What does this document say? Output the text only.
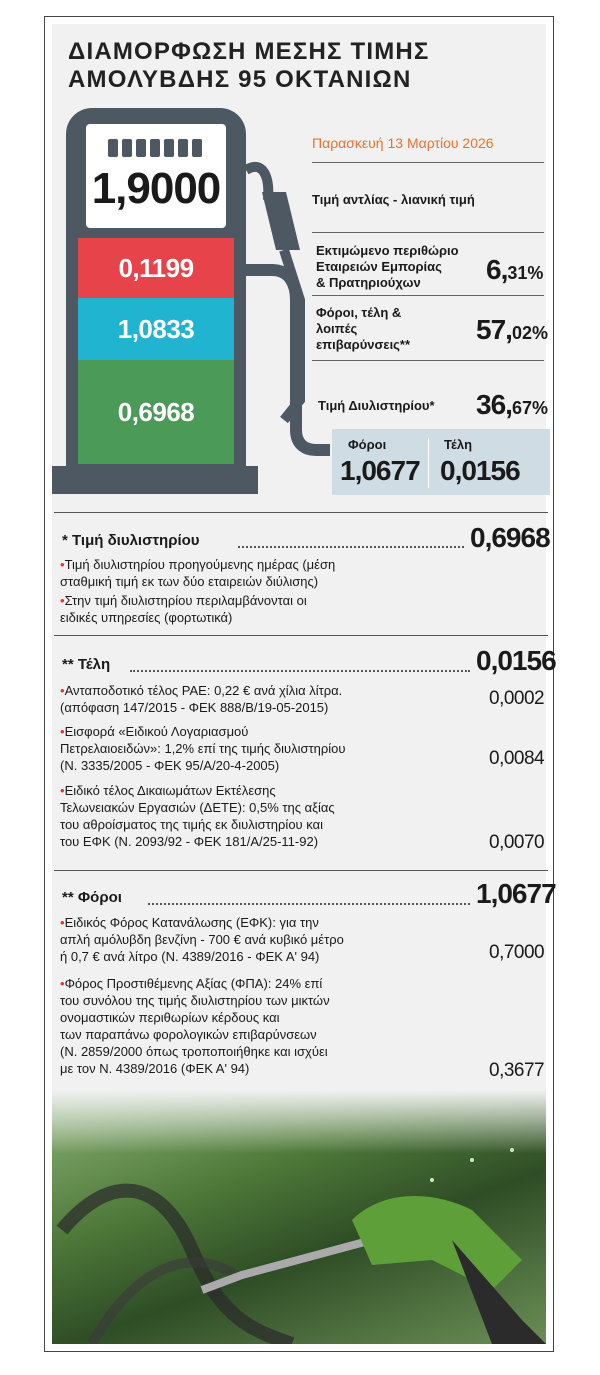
ΔΙΑΜΟΡΦΩΣΗ ΜΕΣΗΣ ΤΙΜΗΣ
ΑΜΟΛΥΒΔΗΣ 95 ΟΚΤΑΝΙΩΝ
1,9000
0,1199
1,0833
0,6968
Παρασκευή 13 Μαρτίου 2026
Τιμή αντλίας - λιανική τιμή
Εκτιμώμενο περιθώριο
Εταιρειών Εμπορίας
& Πρατηριούχων	6,31%
Φόροι, τέλη &
λοιπές
επιβαρύνσεις** 57,02%
Τιμή Διυλιστηρίου* 36,67%
Φόροι
1,0677
Τέλη
0,0156
* Τιμή διυλιστηρίου	0,6968
•Τιμή διυλιστηρίου προηγούμενης ημέρας (μέση
σταθμική τιμή εκ των δύο εταιρειών διύλισης)
•Στην τιμή διυλιστηρίου περιλαμβάνονται οι
ειδικές υπηρεσίες (φορτωτικά)
** Τέλη	0,0156
•Ανταποδοτικό τέλος ΡΑΕ: 0,22 € ανά χίλια λίτρα.
(απόφαση 147/2015 - ΦΕΚ 888/Β/19-05-2015)	0,0002
•Εισφορά «Ειδικού Λογαριασμού
Πετρελαιοειδών»: 1,2% επί της τιμής διυλιστηρίου
(Ν. 3335/2005 - ΦΕΚ 95/Α/20-4-2005)	0,0084
•Ειδικό τέλος Δικαιωμάτων Εκτέλεσης
Τελωνειακών Εργασιών (ΔΕΤΕ): 0,5% της αξίας
του αθροίσματος της τιμής εκ διυλιστηρίου και
του ΕΦΚ (Ν. 2093/92 - ΦΕΚ 181/Α/25-11-92)	0,0070
** Φόροι	1,0677
•Ειδικός Φόρος Κατανάλωσης (ΕΦΚ): για την
απλή αμόλυβδη βενζίνη - 700 € ανά κυβικό μέτρο
ή 0,7 € ανά λίτρο (Ν. 4389/2016 - ΦΕΚ Α' 94)	0,7000
•Φόρος Προστιθέμενης Αξίας (ΦΠΑ): 24% επί
του συνόλου της τιμής διυλιστηρίου των μικτών
ονομαστικών περιθωρίων κέρδους και
των παραπάνω φορολογικών επιβαρύνσεων
(Ν. 2859/2000 όπως τροποποιήθηκε και ισχύει
με τον Ν. 4389/2016 (ΦΕΚ Α' 94)	0,3677
